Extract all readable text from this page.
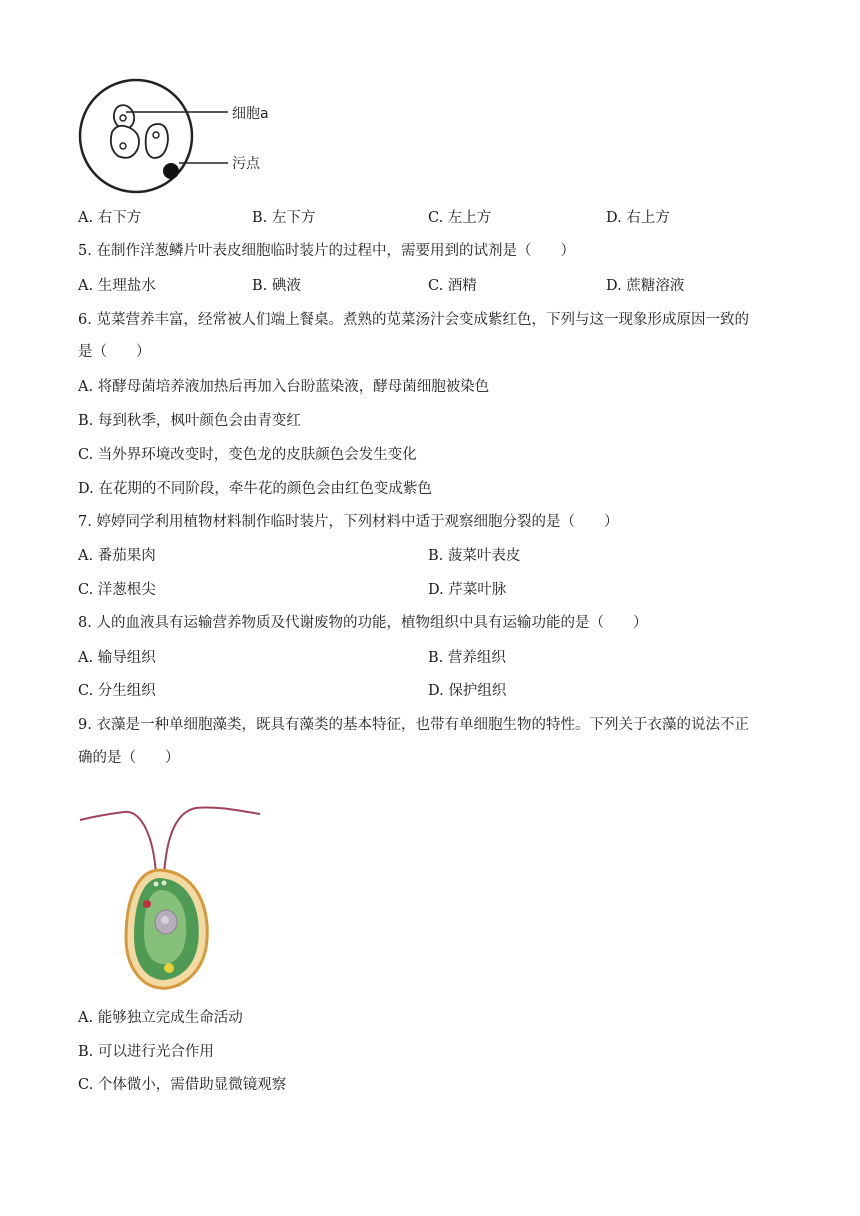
细胞a
污点
A. 右下方	B. 左下方	C. 左上方	D. 右上方
5. 在制作洋葱鳞片叶表皮细胞临时装片的过程中，需要用到的试剂是（　　）
A. 生理盐水	B. 碘液	C. 酒精	D. 蔗糖溶液
6. 苋菜营养丰富，经常被人们端上餐桌。煮熟的苋菜汤汁会变成紫红色，下列与这一现象形成原因一致的
是（　　）
A. 将酵母菌培养液加热后再加入台盼蓝染液，酵母菌细胞被染色
B. 每到秋季，枫叶颜色会由青变红
C. 当外界环境改变时，变色龙的皮肤颜色会发生变化
D. 在花期的不同阶段，牵牛花的颜色会由红色变成紫色
7. 婷婷同学利用植物材料制作临时装片，下列材料中适于观察细胞分裂的是（　　）
A. 番茄果肉	B. 菠菜叶表皮
C. 洋葱根尖	D. 芹菜叶脉
8. 人的血液具有运输营养物质及代谢废物的功能，植物组织中具有运输功能的是（　　）
A. 输导组织	B. 营养组织
C. 分生组织	D. 保护组织
9. 衣藻是一种单细胞藻类，既具有藻类的基本特征，也带有单细胞生物的特性。下列关于衣藻的说法不正
确的是（　　）
A. 能够独立完成生命活动
B. 可以进行光合作用
C. 个体微小，需借助显微镜观察
